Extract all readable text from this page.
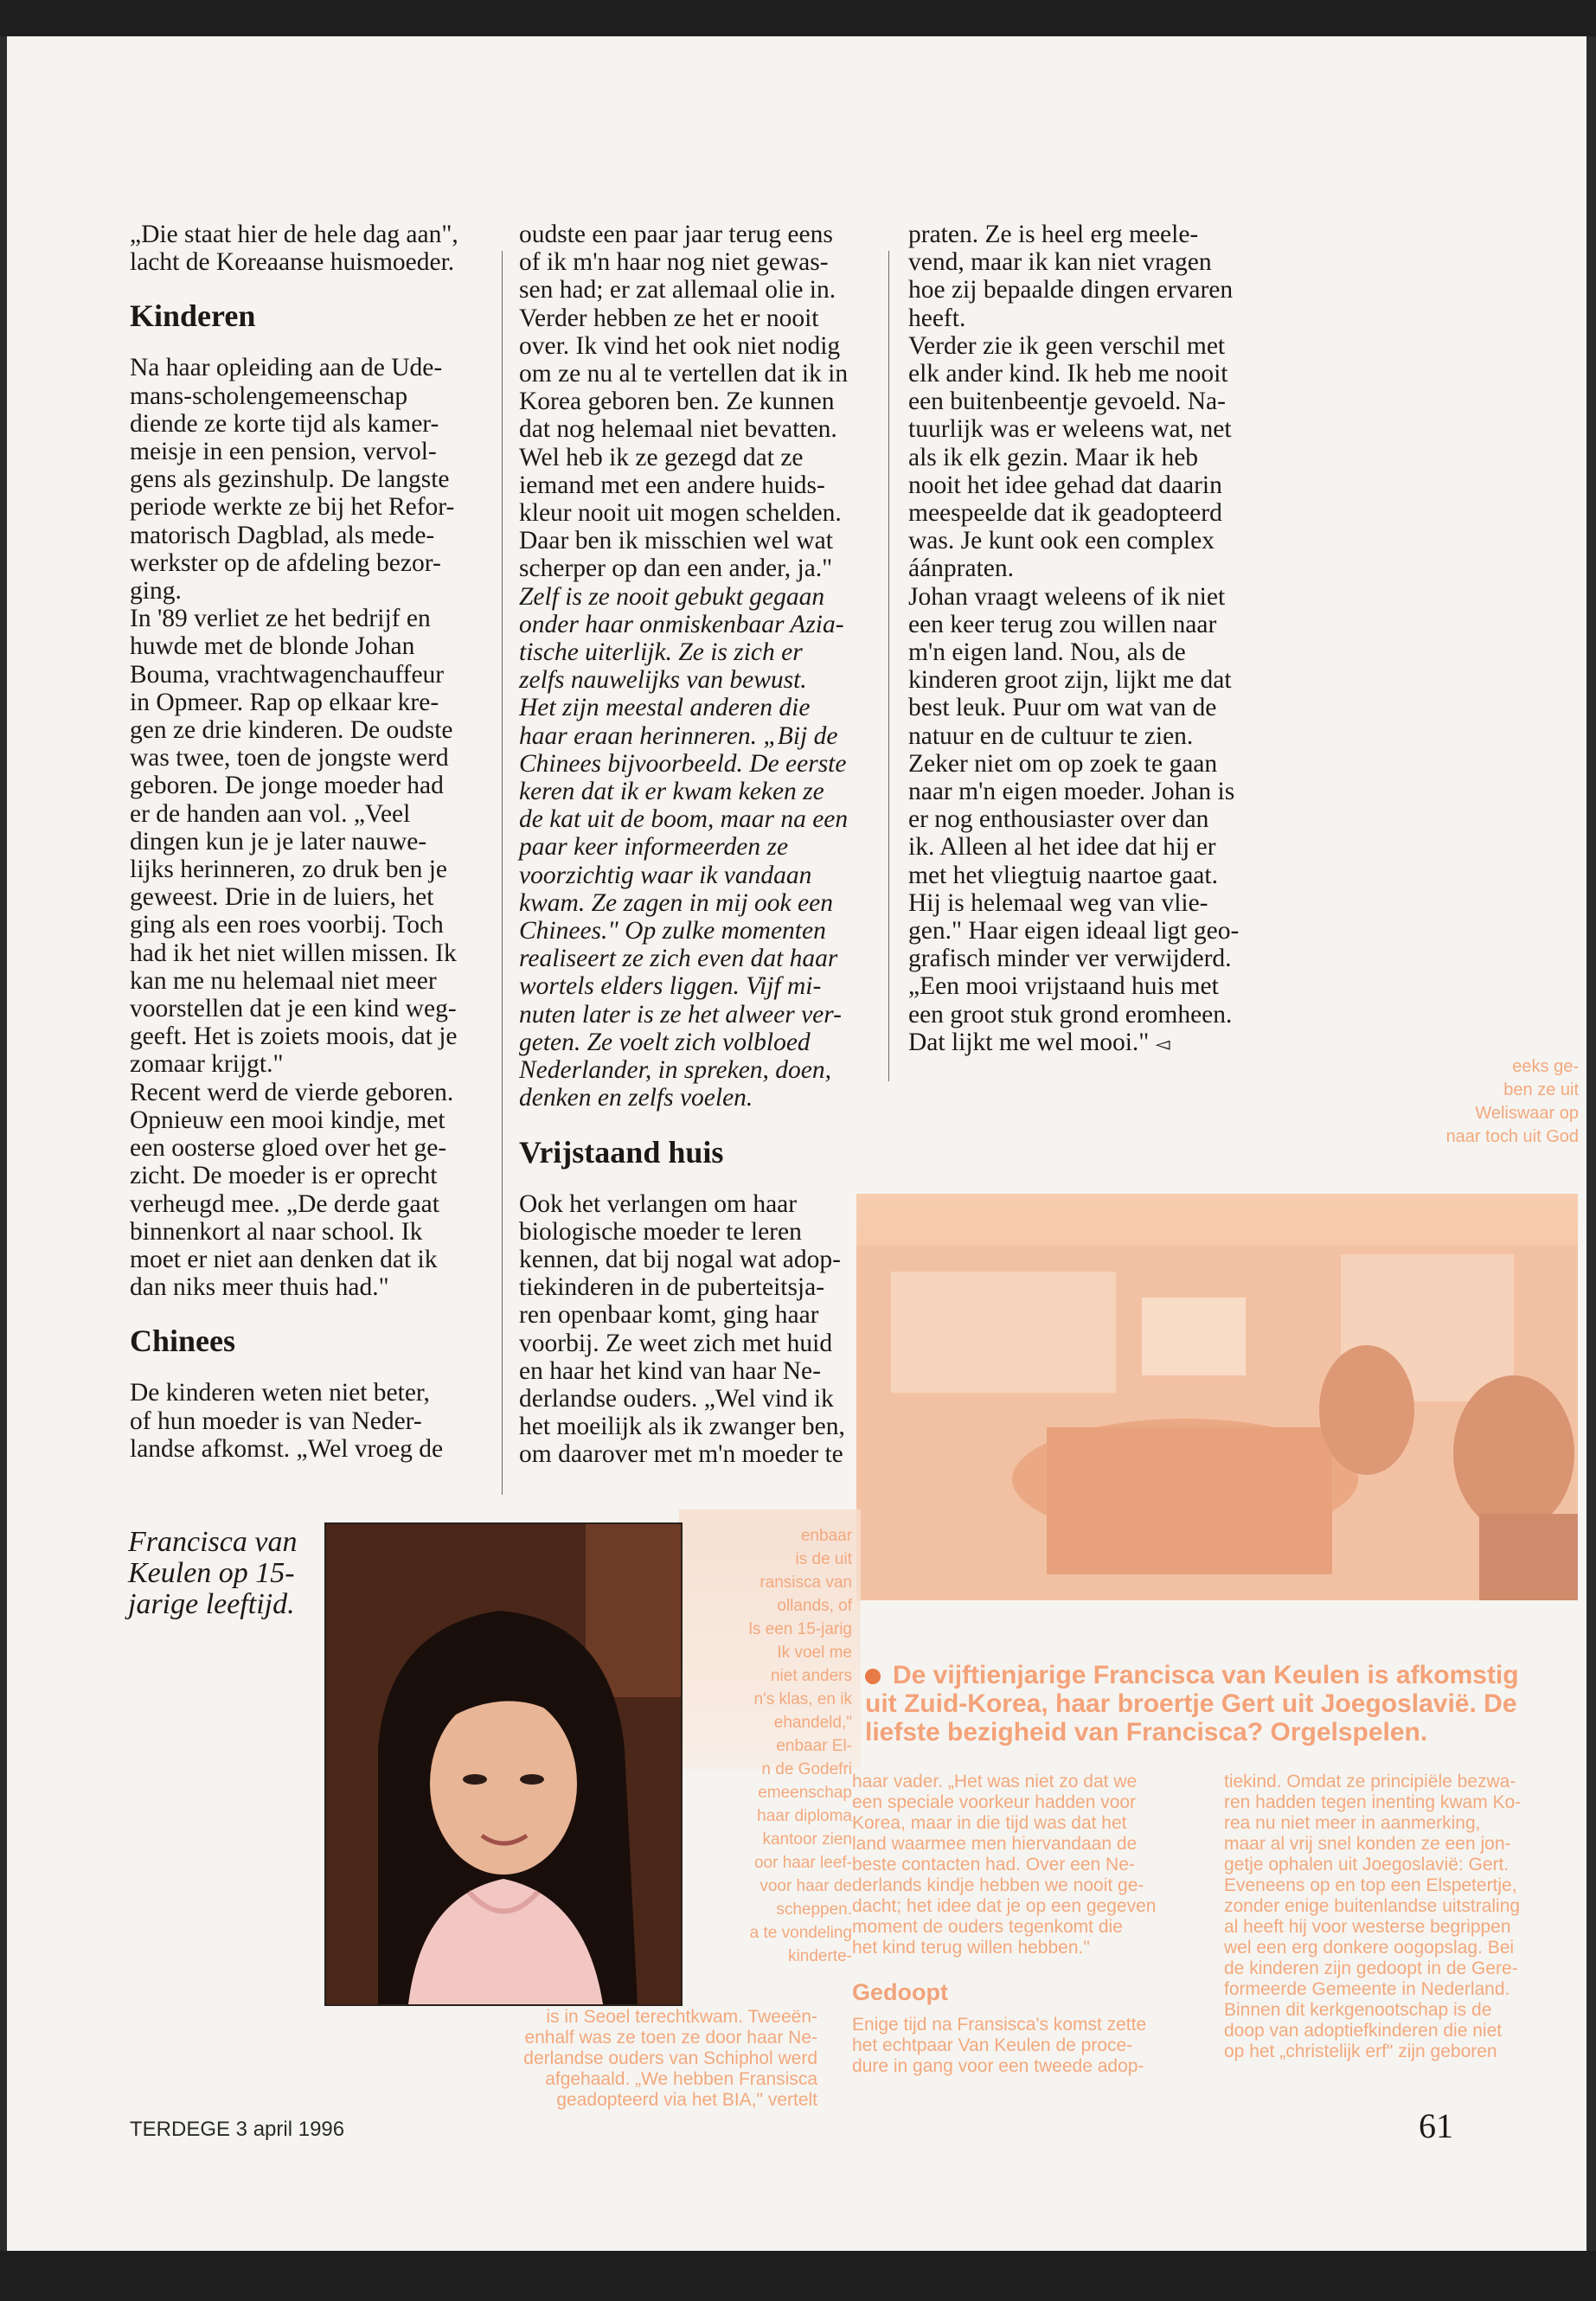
eeks ge-

ben ze uit

Weliswaar op

naar toch uit God

enbaar

is de uit

ransisca van

ollands, of

ls een 15-jarig

Ik voel me

niet anders

n's klas, en ik

ehandeld,"

enbaar El-

n de Godefri

emeenschap

haar diploma

kantoor zien

oor haar leef-

voor haar de

scheppen.

a te vondeling

kinderte-

De vijftienjarige Francisca van Keulen is afkomstig uit Zuid-Korea, haar broertje Gert uit Joegoslavië. De liefste bezigheid van Francisca? Orgelspelen.

haar vader. „Het was niet zo dat we
een speciale voorkeur hadden voor
Korea, maar in die tijd was dat het
land waarmee men hiervandaan de
beste contacten had. Over een Ne-
derlands kindje hebben we nooit ge-
dacht; het idee dat je op een gegeven
moment de ouders tegenkomt die
het kind terug willen hebben."

is in Seoel terechtkwam. Tweeën-
enhalf was ze toen ze door haar Ne-
derlandse ouders van Schiphol werd
afgehaald. „We hebben Fransisca
geadopteerd via het BIA," vertelt

Gedoopt

Enige tijd na Fransisca's komst zette
het echtpaar Van Keulen de proce-
dure in gang voor een tweede adop-

tiekind. Omdat ze principiële bezwa-
ren hadden tegen inenting kwam Ko-
rea nu niet meer in aanmerking,
maar al vrij snel konden ze een jon-
getje ophalen uit Joegoslavië: Gert.
Eveneens op en top een Elspetertje,
zonder enige buitenlandse uitstraling
al heeft hij voor westerse begrippen
wel een erg donkere oogopslag. Bei
de kinderen zijn gedoopt in de Gere-
formeerde Gemeente in Nederland.
Binnen dit kerkgenootschap is de
doop van adoptiefkinderen die niet
op het „christelijk erf" zijn geboren

„Die staat hier de hele dag aan",
lacht de Koreaanse huismoeder.

Kinderen

Na haar opleiding aan de Ude-
mans-scholengemeenschap
diende ze korte tijd als kamer-
meisje in een pension, vervol-
gens als gezinshulp. De langste
periode werkte ze bij het Refor-
matorisch Dagblad, als mede-
werkster op de afdeling bezor-
ging.

In '89 verliet ze het bedrijf en
huwde met de blonde Johan
Bouma, vrachtwagenchauffeur
in Opmeer. Rap op elkaar kre-
gen ze drie kinderen. De oudste
was twee, toen de jongste werd
geboren. De jonge moeder had
er de handen aan vol. „Veel
dingen kun je je later nauwe-
lijks herinneren, zo druk ben je
geweest. Drie in de luiers, het
ging als een roes voorbij. Toch
had ik het niet willen missen. Ik
kan me nu helemaal niet meer
voorstellen dat je een kind weg-
geeft. Het is zoiets moois, dat je
zomaar krijgt."

Recent werd de vierde geboren.
Opnieuw een mooi kindje, met
een oosterse gloed over het ge-
zicht. De moeder is er oprecht
verheugd mee. „De derde gaat
binnenkort al naar school. Ik
moet er niet aan denken dat ik
dan niks meer thuis had."

Chinees

De kinderen weten niet beter,
of hun moeder is van Neder-
landse afkomst. „Wel vroeg de

oudste een paar jaar terug eens
of ik m'n haar nog niet gewas-
sen had; er zat allemaal olie in.
Verder hebben ze het er nooit
over. Ik vind het ook niet nodig
om ze nu al te vertellen dat ik in
Korea geboren ben. Ze kunnen
dat nog helemaal niet bevatten.
Wel heb ik ze gezegd dat ze
iemand met een andere huids-
kleur nooit uit mogen schelden.
Daar ben ik misschien wel wat
scherper op dan een ander, ja."

Zelf is ze nooit gebukt gegaan
onder haar onmiskenbaar Azia-
tische uiterlijk. Ze is zich er
zelfs nauwelijks van bewust.
Het zijn meestal anderen die
haar eraan herinneren. „Bij de
Chinees bijvoorbeeld. De eerste
keren dat ik er kwam keken ze
de kat uit de boom, maar na een
paar keer informeerden ze
voorzichtig waar ik vandaan
kwam. Ze zagen in mij ook een
Chinees." Op zulke momenten
realiseert ze zich even dat haar
wortels elders liggen. Vijf mi-
nuten later is ze het alweer ver-
geten. Ze voelt zich volbloed
Nederlander, in spreken, doen,
denken en zelfs voelen.

Vrijstaand huis

Ook het verlangen om haar
biologische moeder te leren
kennen, dat bij nogal wat adop-
tiekinderen in de puberteitsja-
ren openbaar komt, ging haar
voorbij. Ze weet zich met huid
en haar het kind van haar Ne-
derlandse ouders. „Wel vind ik
het moeilijk als ik zwanger ben,
om daarover met m'n moeder te

praten. Ze is heel erg meele-
vend, maar ik kan niet vragen
hoe zij bepaalde dingen ervaren
heeft.

Verder zie ik geen verschil met
elk ander kind. Ik heb me nooit
een buitenbeentje gevoeld. Na-
tuurlijk was er weleens wat, net
als ik elk gezin. Maar ik heb
nooit het idee gehad dat daarin
meespeelde dat ik geadopteerd
was. Je kunt ook een complex
áánpraten.

Johan vraagt weleens of ik niet
een keer terug zou willen naar
m'n eigen land. Nou, als de
kinderen groot zijn, lijkt me dat
best leuk. Puur om wat van de
natuur en de cultuur te zien.
Zeker niet om op zoek te gaan
naar m'n eigen moeder. Johan is
er nog enthousiaster over dan
ik. Alleen al het idee dat hij er
met het vliegtuig naartoe gaat.
Hij is helemaal weg van vlie-
gen." Haar eigen ideaal ligt geo-
grafisch minder ver verwijderd.
„Een mooi vrijstaand huis met
een groot stuk grond eromheen.
Dat lijkt me wel mooi." ◅

Francisca van
Keulen op 15-
jarige leeftijd.

TERDEGE 3 april 1996	61
